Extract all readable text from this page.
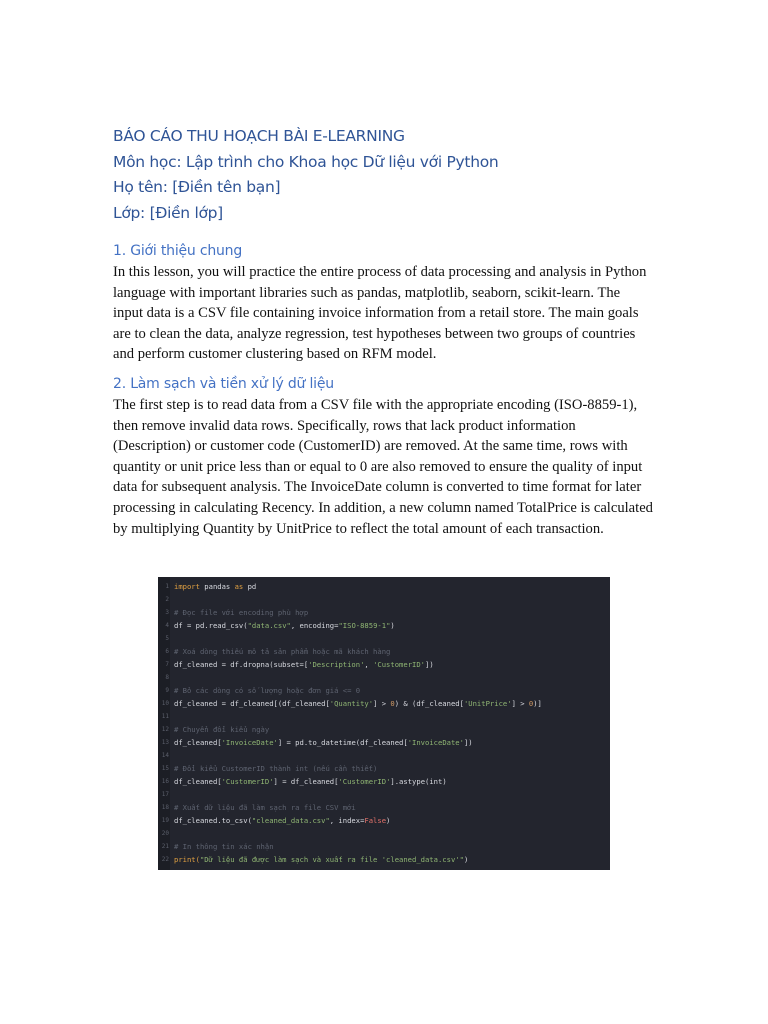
BÁO CÁO THU HOẠCH BÀI E-LEARNING

Môn học: Lập trình cho Khoa học Dữ liệu với Python

Họ tên: [Điền tên bạn]

Lớp: [Điền lớp]

1. Giới thiệu chung

In this lesson, you will practice the entire process of data processing and analysis in Python language with important libraries such as pandas, matplotlib, seaborn, scikit-learn. The input data is a CSV file containing invoice information from a retail store. The main goals are to clean the data, analyze regression, test hypotheses between two groups of countries and perform customer clustering based on RFM model.

2. Làm sạch và tiền xử lý dữ liệu

The first step is to read data from a CSV file with the appropriate encoding (ISO-8859-1), then remove invalid data rows. Specifically, rows that lack product information (Description) or customer code (CustomerID) are removed. At the same time, rows with quantity or unit price less than or equal to 0 are also removed to ensure the quality of input data for subsequent analysis. The InvoiceDate column is converted to time format for later processing in calculating Recency. In addition, a new column named TotalPrice is calculated by multiplying Quantity by UnitPrice to reflect the total amount of each transaction.

1
2
3
4
5
6
7
8
9
10
11
12
13
14
15
16
17
18
19
20
21
22
import pandas as pd
# Đọc file với encoding phù hợp
df = pd.read_csv("data.csv", encoding="ISO-8859-1")
# Xoá dòng thiếu mô tả sản phẩm hoặc mã khách hàng
df_cleaned = df.dropna(subset=['Description', 'CustomerID'])
# Bỏ các dòng có số lượng hoặc đơn giá <= 0
df_cleaned = df_cleaned[(df_cleaned['Quantity'] > 0) & (df_cleaned['UnitPrice'] > 0)]
# Chuyển đổi kiểu ngày
df_cleaned['InvoiceDate'] = pd.to_datetime(df_cleaned['InvoiceDate'])
# Đổi kiểu CustomerID thành int (nếu cần thiết)
df_cleaned['CustomerID'] = df_cleaned['CustomerID'].astype(int)
# Xuất dữ liệu đã làm sạch ra file CSV mới
df_cleaned.to_csv("cleaned_data.csv", index=False)
# In thông tin xác nhận
print("Dữ liệu đã được làm sạch và xuất ra file 'cleaned_data.csv'")
